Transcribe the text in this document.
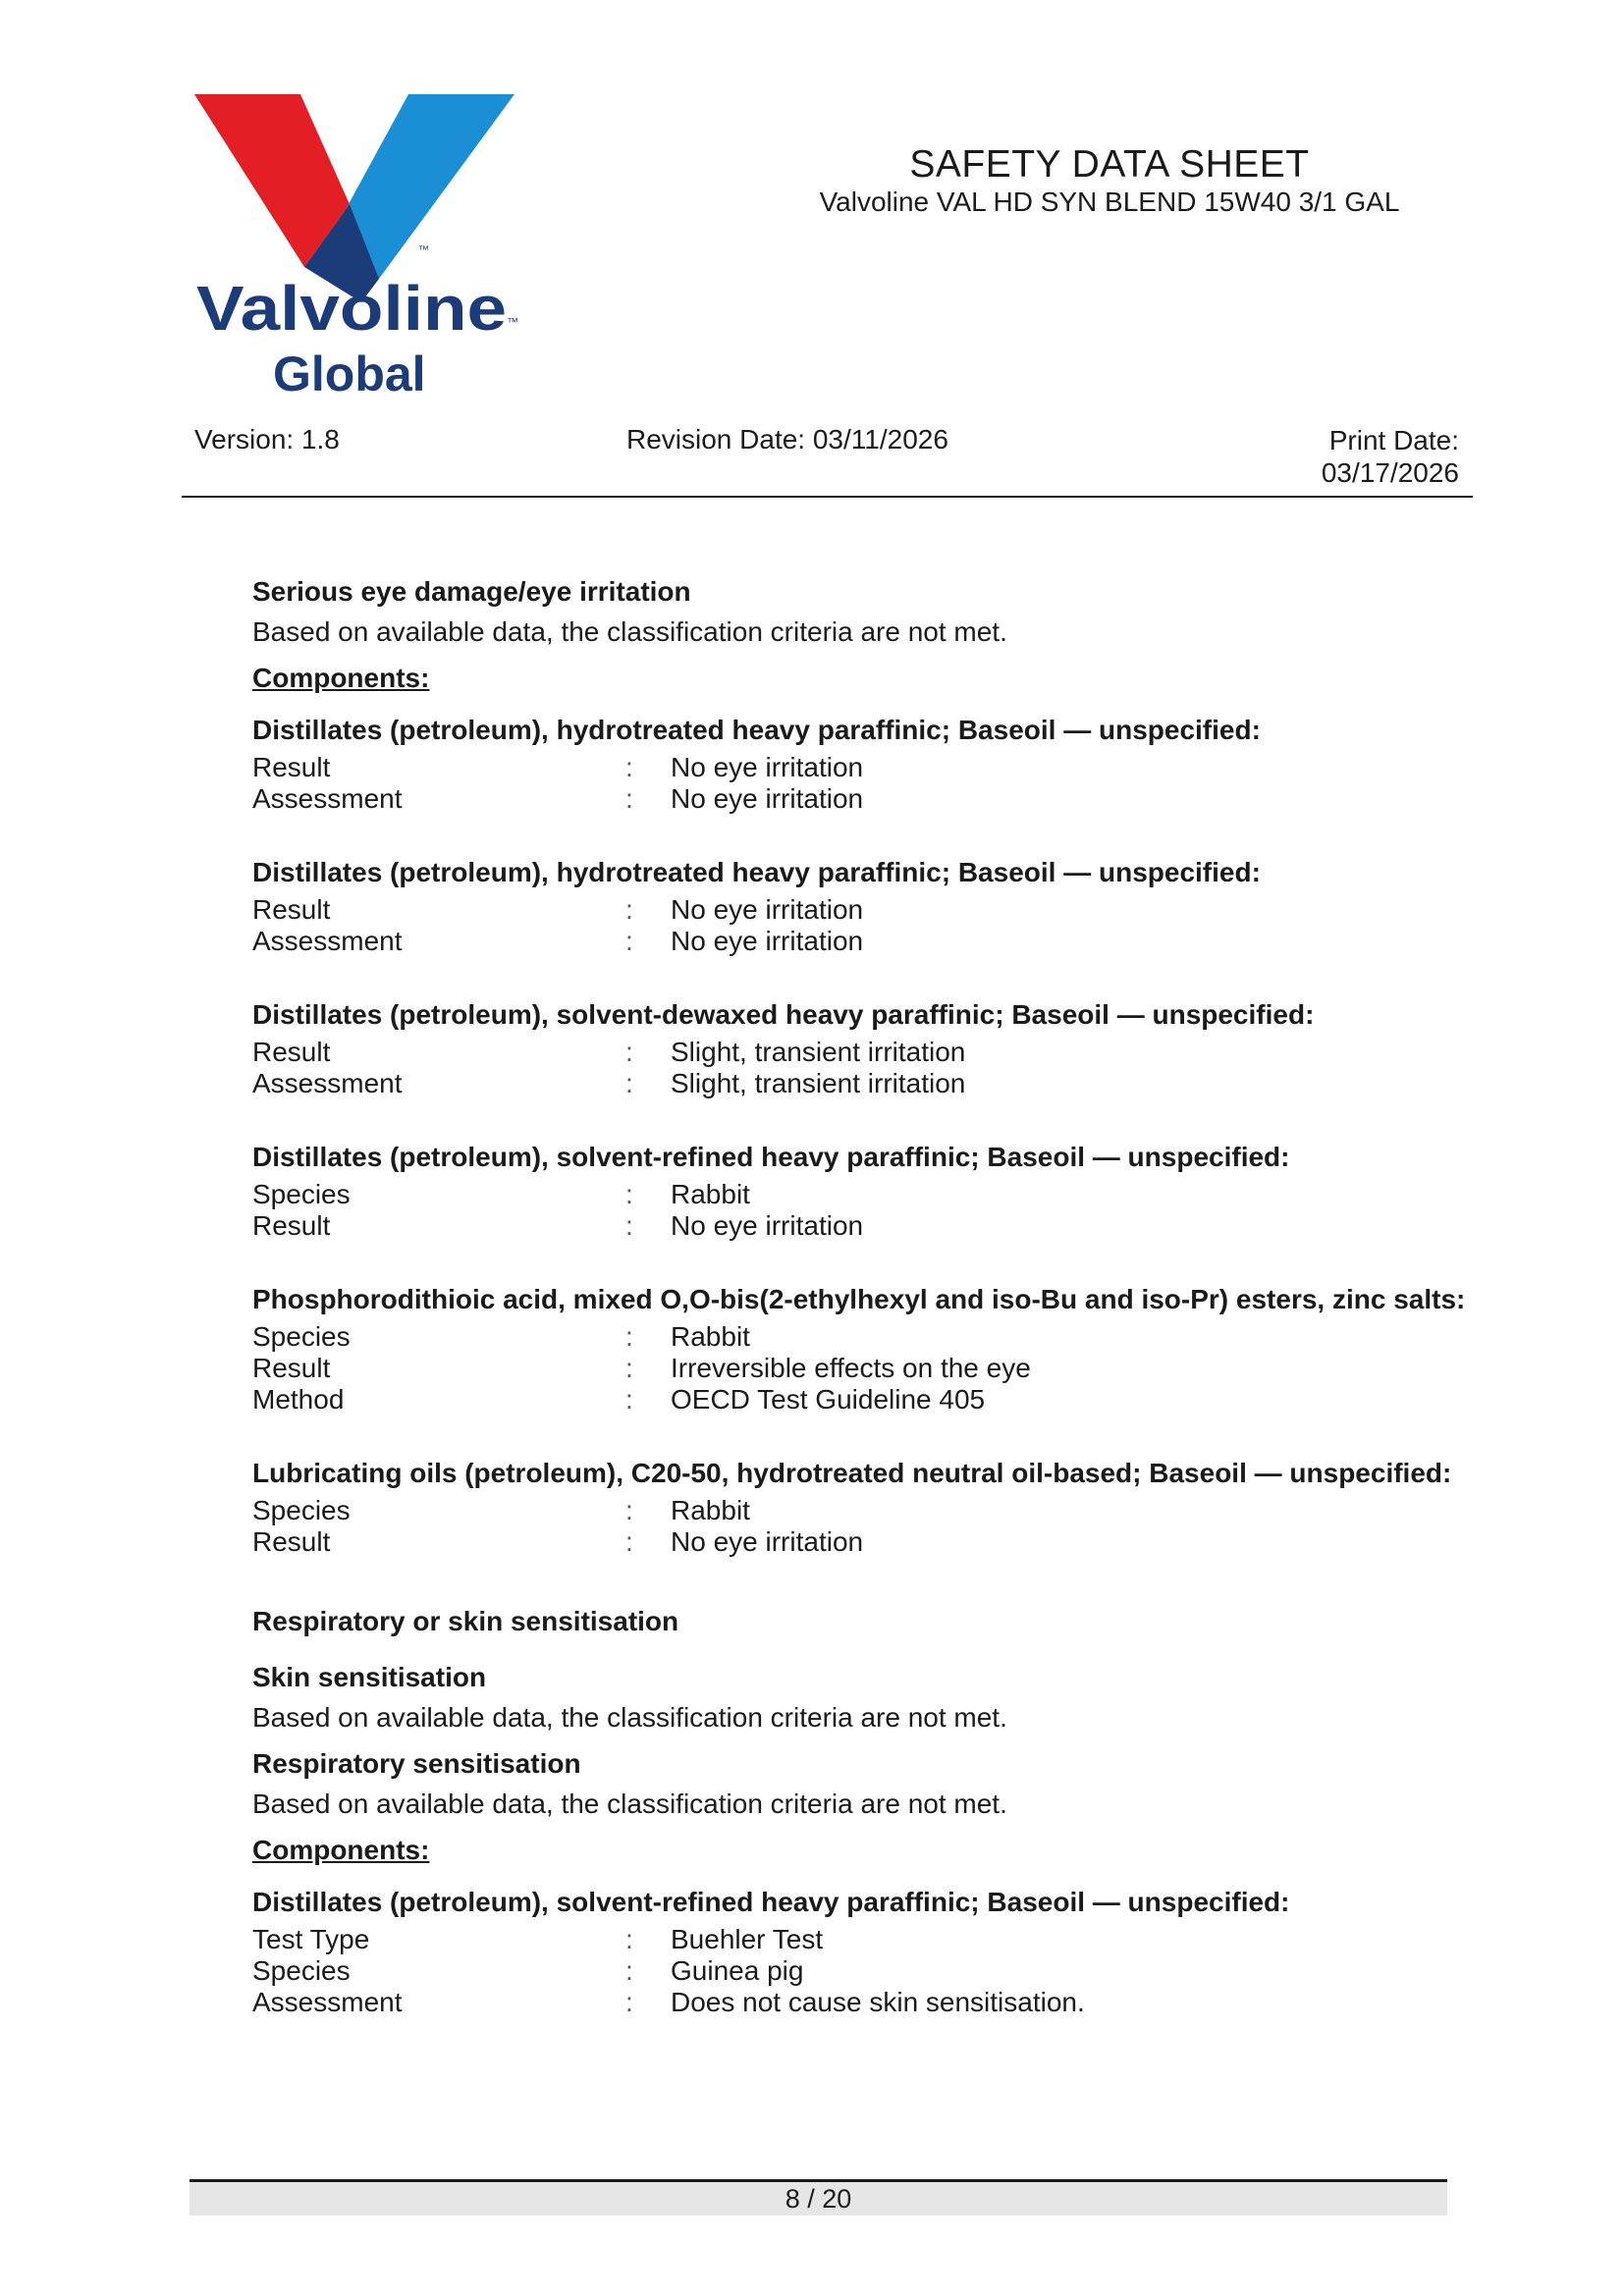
™
Valvoline ™
Global
SAFETY DATA SHEET
Valvoline VAL HD SYN BLEND 15W40 3/1 GAL
Version: 1.8	Revision Date: 03/11/2026	Print Date:
03/17/2026
Serious eye damage/eye irritation
Based on available data, the classification criteria are not met.
Components:
Distillates (petroleum), hydrotreated heavy paraffinic; Baseoil — unspecified:
Result	:	No eye irritation
Assessment	:	No eye irritation
Distillates (petroleum), hydrotreated heavy paraffinic; Baseoil — unspecified:
Result	:	No eye irritation
Assessment	:	No eye irritation
Distillates (petroleum), solvent-dewaxed heavy paraffinic; Baseoil — unspecified:
Result	:	Slight, transient irritation
Assessment	:	Slight, transient irritation
Distillates (petroleum), solvent-refined heavy paraffinic; Baseoil — unspecified:
Species	:	Rabbit
Result	:	No eye irritation
Phosphorodithioic acid, mixed O,O-bis(2-ethylhexyl and iso-Bu and iso-Pr) esters, zinc salts:
Species	:	Rabbit
Result	:	Irreversible effects on the eye
Method	:	OECD Test Guideline 405
Lubricating oils (petroleum), C20-50, hydrotreated neutral oil-based; Baseoil — unspecified:
Species	:	Rabbit
Result	:	No eye irritation
Respiratory or skin sensitisation
Skin sensitisation
Based on available data, the classification criteria are not met.
Respiratory sensitisation
Based on available data, the classification criteria are not met.
Components:
Distillates (petroleum), solvent-refined heavy paraffinic; Baseoil — unspecified:
Test Type	:	Buehler Test
Species	:	Guinea pig
Assessment	:	Does not cause skin sensitisation.
8 / 20
